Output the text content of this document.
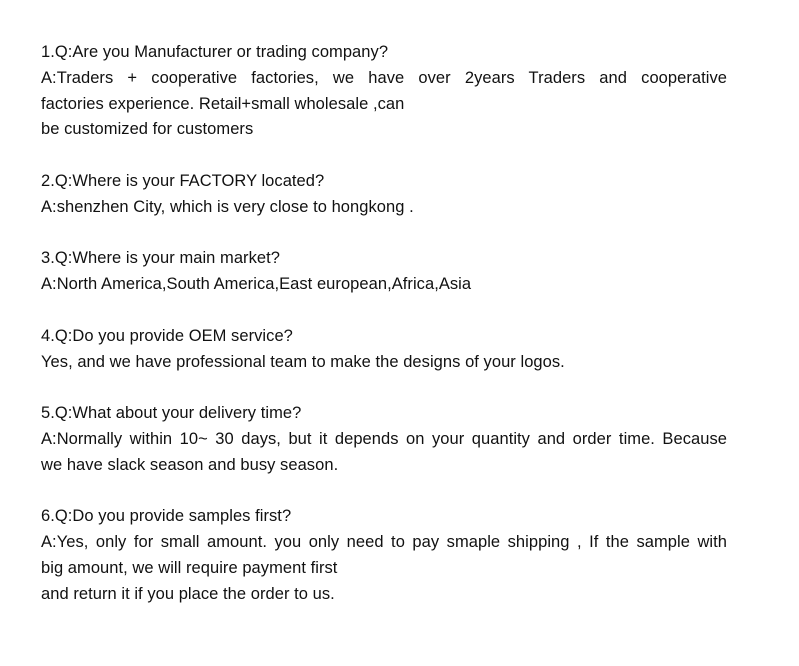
1.Q:Are you Manufacturer or trading company?
A:Traders + cooperative factories, we have over 2years Traders and cooperative
factories experience. Retail+small wholesale ,can
be customized for customers
2.Q:Where is your FACTORY located?
A:shenzhen City, which is very close to hongkong .
3.Q:Where is your main market?
A:North America,South America,East european,Africa,Asia
4.Q:Do you provide OEM service?
Yes, and we have professional team to make the designs of your logos.
5.Q:What about your delivery time?
A:Normally within 10~ 30 days, but it depends on your quantity and order time. Because
we have slack season and busy season.
6.Q:Do you provide samples first?
A:Yes, only for small amount. you only need to pay smaple shipping , If the sample with
big amount, we will require payment first
and return it if you place the order to us.
